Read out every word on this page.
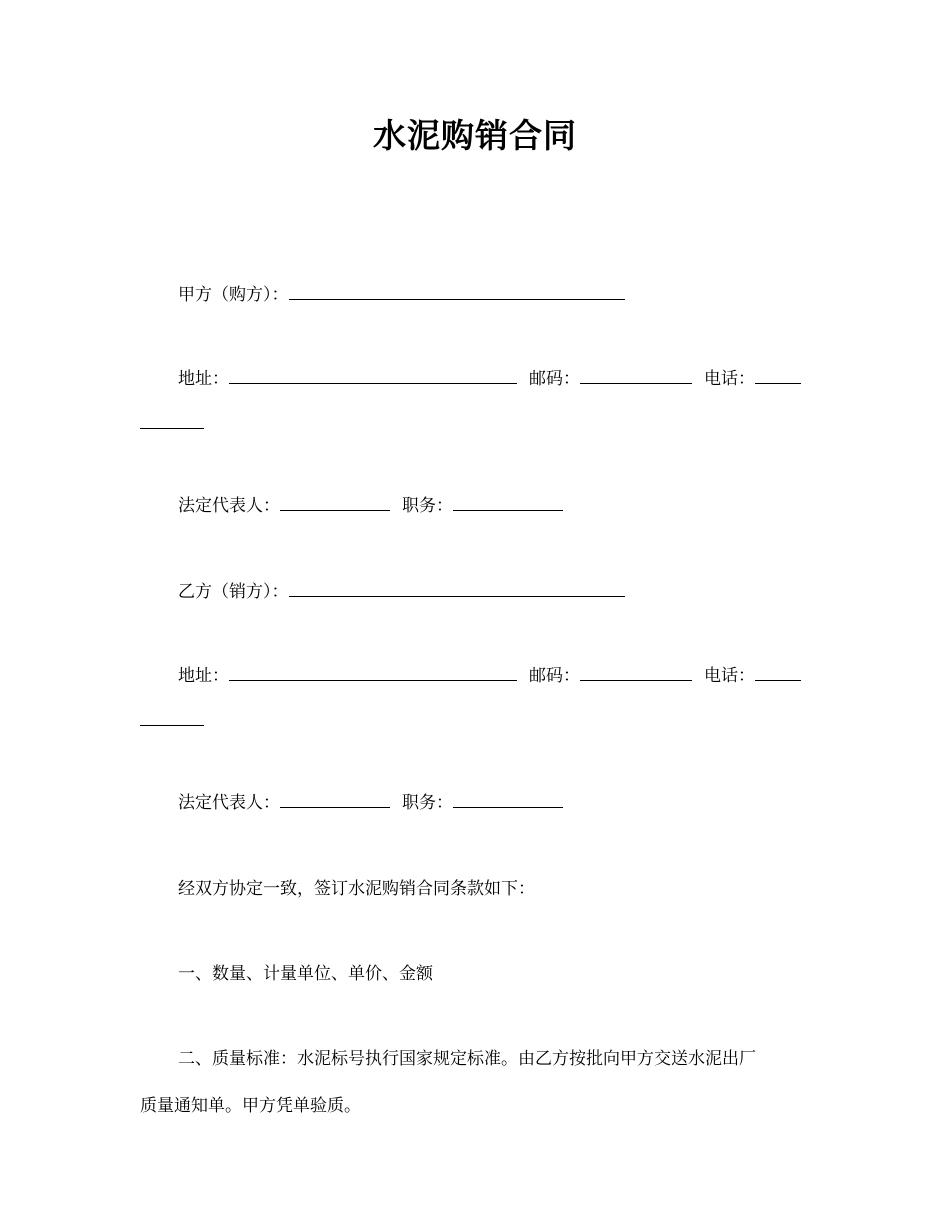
水泥购销合同
甲方（购方）：
地址：	邮码：	电话：
法定代表人：	职务：
乙方（销方）：
地址：	邮码：	电话：
法定代表人：	职务：
经双方协定一致，签订水泥购销合同条款如下：
一、数量、计量单位、单价、金额
二、质量标准：水泥标号执行国家规定标准。由乙方按批向甲方交送水泥出厂
质量通知单。甲方凭单验质。
